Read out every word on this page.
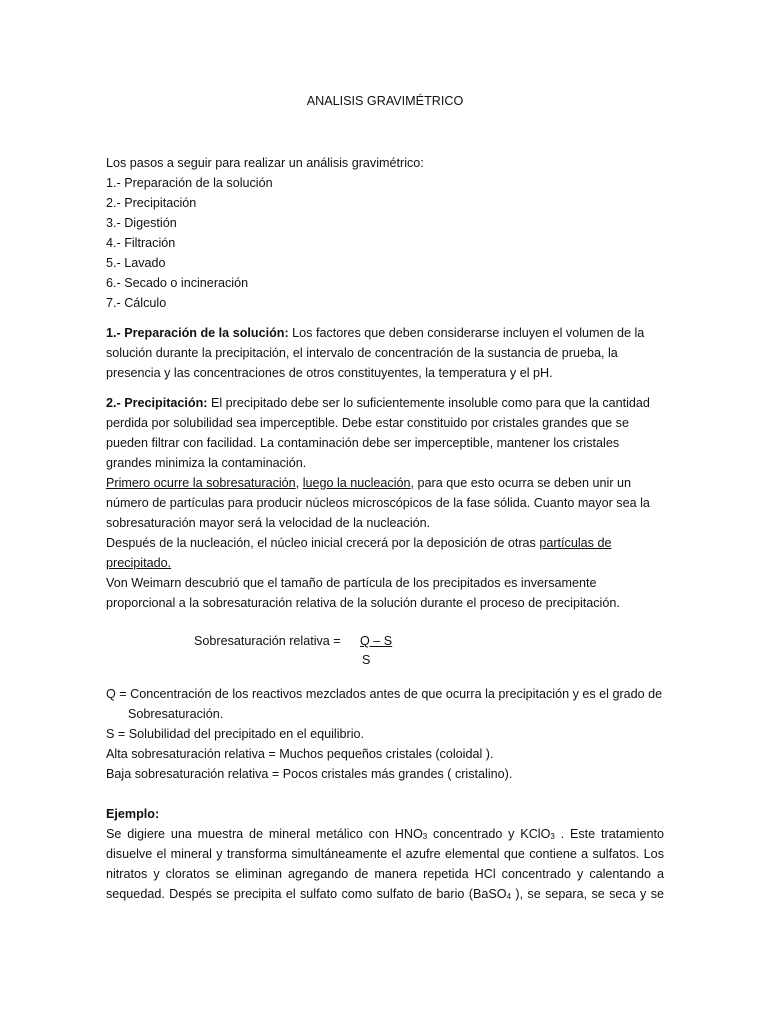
ANALISIS GRAVIMÉTRICO
Los pasos a seguir para realizar un análisis gravimétrico:
1.- Preparación de la solución
2.- Precipitación
3.- Digestión
4.- Filtración
5.- Lavado
6.- Secado o incineración
7.- Cálculo
1.- Preparación de la solución: Los factores que deben considerarse incluyen el volumen de la
solución durante la precipitación, el intervalo de concentración de la sustancia de prueba, la
presencia y las concentraciones de otros constituyentes, la temperatura y el pH.
2.- Precipitación: El precipitado debe ser lo suficientemente insoluble como para que la cantidad
perdida por solubilidad sea imperceptible. Debe estar constituido por cristales grandes que se
pueden filtrar con facilidad. La contaminación debe ser imperceptible, mantener los cristales
grandes minimiza la contaminación.
Primero ocurre la sobresaturación, luego la nucleación, para que esto ocurra se deben unir un
número de partículas para producir núcleos microscópicos de la fase sólida. Cuanto mayor sea la
sobresaturación mayor será la velocidad de la nucleación.
Después de la nucleación, el núcleo inicial crecerá por la deposición de otras partículas de
precipitado.
Von Weimarn descubrió que el tamaño de partícula de los precipitados es inversamente
proporcional a la sobresaturación relativa de la solución durante el proceso de precipitación.
Sobresaturación relativa = Q – S
S
Q = Concentración de los reactivos mezclados antes de que ocurra la precipitación y es el grado de
Sobresaturación.
S = Solubilidad del precipitado en el equilibrio.
Alta sobresaturación relativa = Muchos pequeños cristales (coloidal ).
Baja sobresaturación relativa = Pocos cristales más grandes ( cristalino).
Ejemplo:
Se digiere una muestra de mineral metálico con $HNO_3$ concentrado y KClO$_3$ . Este tratamiento
disuelve el mineral y transforma simultáneamente el azufre elemental que contiene a sulfatos. Los
nitratos y cloratos se eliminan agregando de manera repetida HCl concentrado y calentando a
sequedad. Despés se precipita el sulfato como sulfato de bario (BaSO$_4$ ), se separa, se seca y se
